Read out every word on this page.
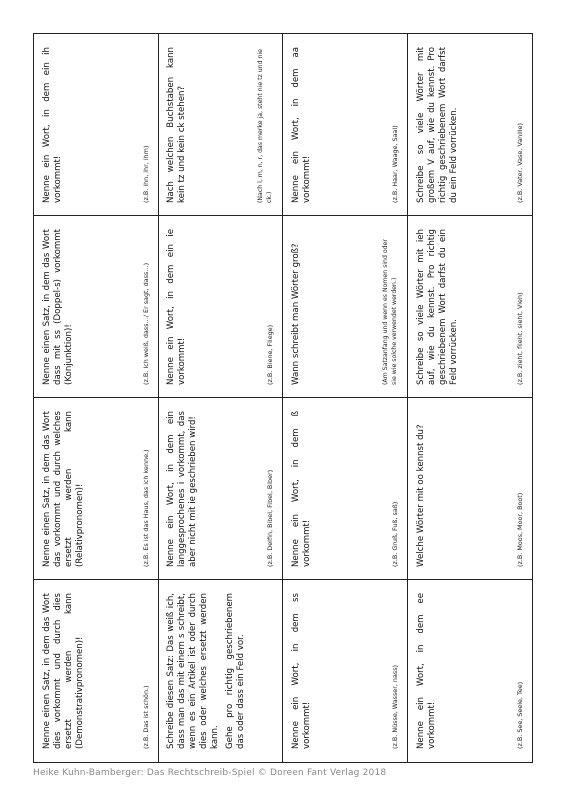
Nenne einen Satz, in dem das Wort dies vorkommt und durch dies ersetzt werden kann (Demonstrativpronomen)!	(z.B. Das ist schön.)

Nenne einen Satz, in dem das Wort das vorkommt und durch welches ersetzt werden kann (Relativpronomen)!	(z.B. Es ist das Haus, das ich kenne.)

Nenne einen Satz, in dem das Wort dass mit ss (Doppel-s) vorkommt (Konjunktion)!	(z.B. Ich weiß, dass…/ Er sagt, dass…)

Nenne ein Wort, in dem ein ih vorkommt!	(z.B. ihn, ihr, ihm)

Schreibe diesen Satz: Das weiß ich, dass man das mit einem s schreibt, wenn es ein Artikel ist oder durch dies oder welches ersetzt werden kann. Gehe pro richtig geschriebenem das oder dass ein Feld vor.

Nenne ein Wort, in dem ein langgesprochenes i vorkommt, das aber nicht mit ie geschrieben wird!	(z.B. Delfin, Bibel, Fibel, Biber)

Nenne ein Wort, in dem ein ie vorkommt!	(z.B. Biene, Fliege)

Nach welchen Buchstaben kann kein tz und kein ck stehen?	(Nach l, m, n, r, das merke ja, steht nie tz und nie ck.)

Nenne ein Wort, in dem ss vorkommt!	(z.B. Nüsse, Wasser, nass)

Nenne ein Wort, in dem ß vorkommt!	(z.B. Gruß, Fuß, saß)

Wann schreibt man Wörter groß?	(Am Satzanfang und wenn es Nomen sind oder sie wie solche verwendet werden.)

Nenne ein Wort, in dem aa vorkommt!	(z.B. Haar, Waage, Saal)

Nenne ein Wort, in dem ee vorkommt!	(z.B. See, Seele, Tee)

Welche Wörter mit oo kennst du?	(z.B. Moos, Moor, Boot)

Schreibe so viele Wörter mit ieh auf, wie du kennst. Pro richtig geschriebenem Wort darfst du ein Feld vorrücken.	(z.B. zieht, flieht, sieht, Vieh)

Schreibe so viele Wörter mit großem V auf, wie du kennst. Pro richtig geschriebenem Wort darfst du ein Feld vorrücken.	(z.B. Vater, Vase, Vanille)
Heike Kuhn-Bamberger: Das Rechtschreib-Spiel © Doreen Fant Verlag 2018
